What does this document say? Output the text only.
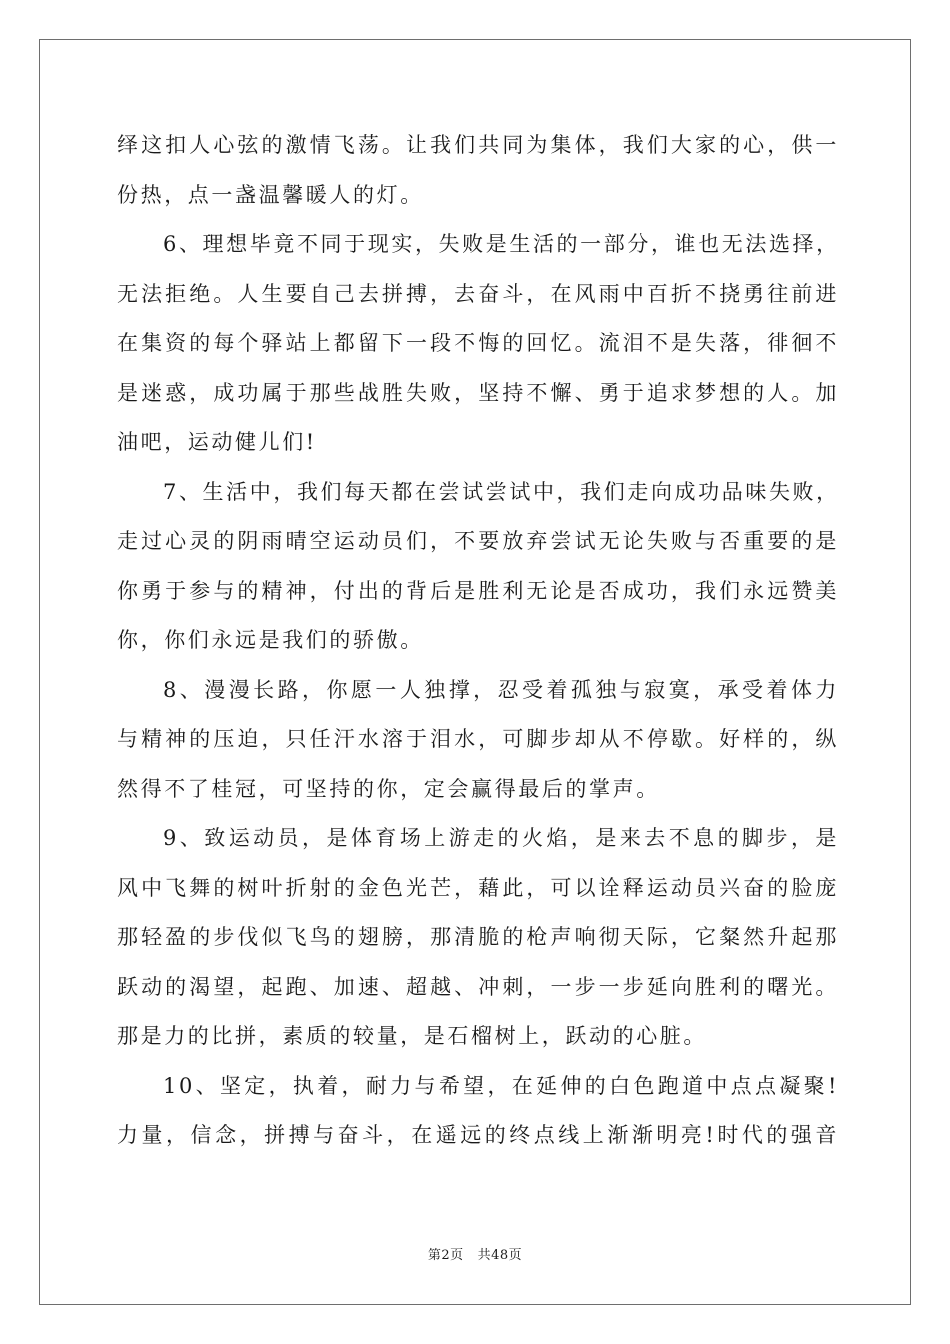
绎这扣人心弦的激情飞荡。让我们共同为集体，我们大家的心，供一
份热，点一盏温馨暖人的灯。
6、理想毕竟不同于现实，失败是生活的一部分，谁也无法选择，
无法拒绝。人生要自己去拼搏，去奋斗，在风雨中百折不挠勇往前进
在集资的每个驿站上都留下一段不悔的回忆。流泪不是失落，徘徊不
是迷惑，成功属于那些战胜失败，坚持不懈、勇于追求梦想的人。加
油吧，运动健儿们!
7、生活中，我们每天都在尝试尝试中，我们走向成功品味失败，
走过心灵的阴雨晴空运动员们，不要放弃尝试无论失败与否重要的是
你勇于参与的精神，付出的背后是胜利无论是否成功，我们永远赞美
你，你们永远是我们的骄傲。
8、漫漫长路，你愿一人独撑，忍受着孤独与寂寞，承受着体力
与精神的压迫，只任汗水溶于泪水，可脚步却从不停歇。好样的，纵
然得不了桂冠，可坚持的你，定会赢得最后的掌声。
9、致运动员，是体育场上游走的火焰，是来去不息的脚步，是
风中飞舞的树叶折射的金色光芒，藉此，可以诠释运动员兴奋的脸庞
那轻盈的步伐似飞鸟的翅膀，那清脆的枪声响彻天际，它粲然升起那
跃动的渴望，起跑、加速、超越、冲刺，一步一步延向胜利的曙光。
那是力的比拼，素质的较量，是石榴树上，跃动的心脏。
10、坚定，执着，耐力与希望，在延伸的白色跑道中点点凝聚!
力量，信念，拼搏与奋斗，在遥远的终点线上渐渐明亮!时代的强音
第2页 共48页
